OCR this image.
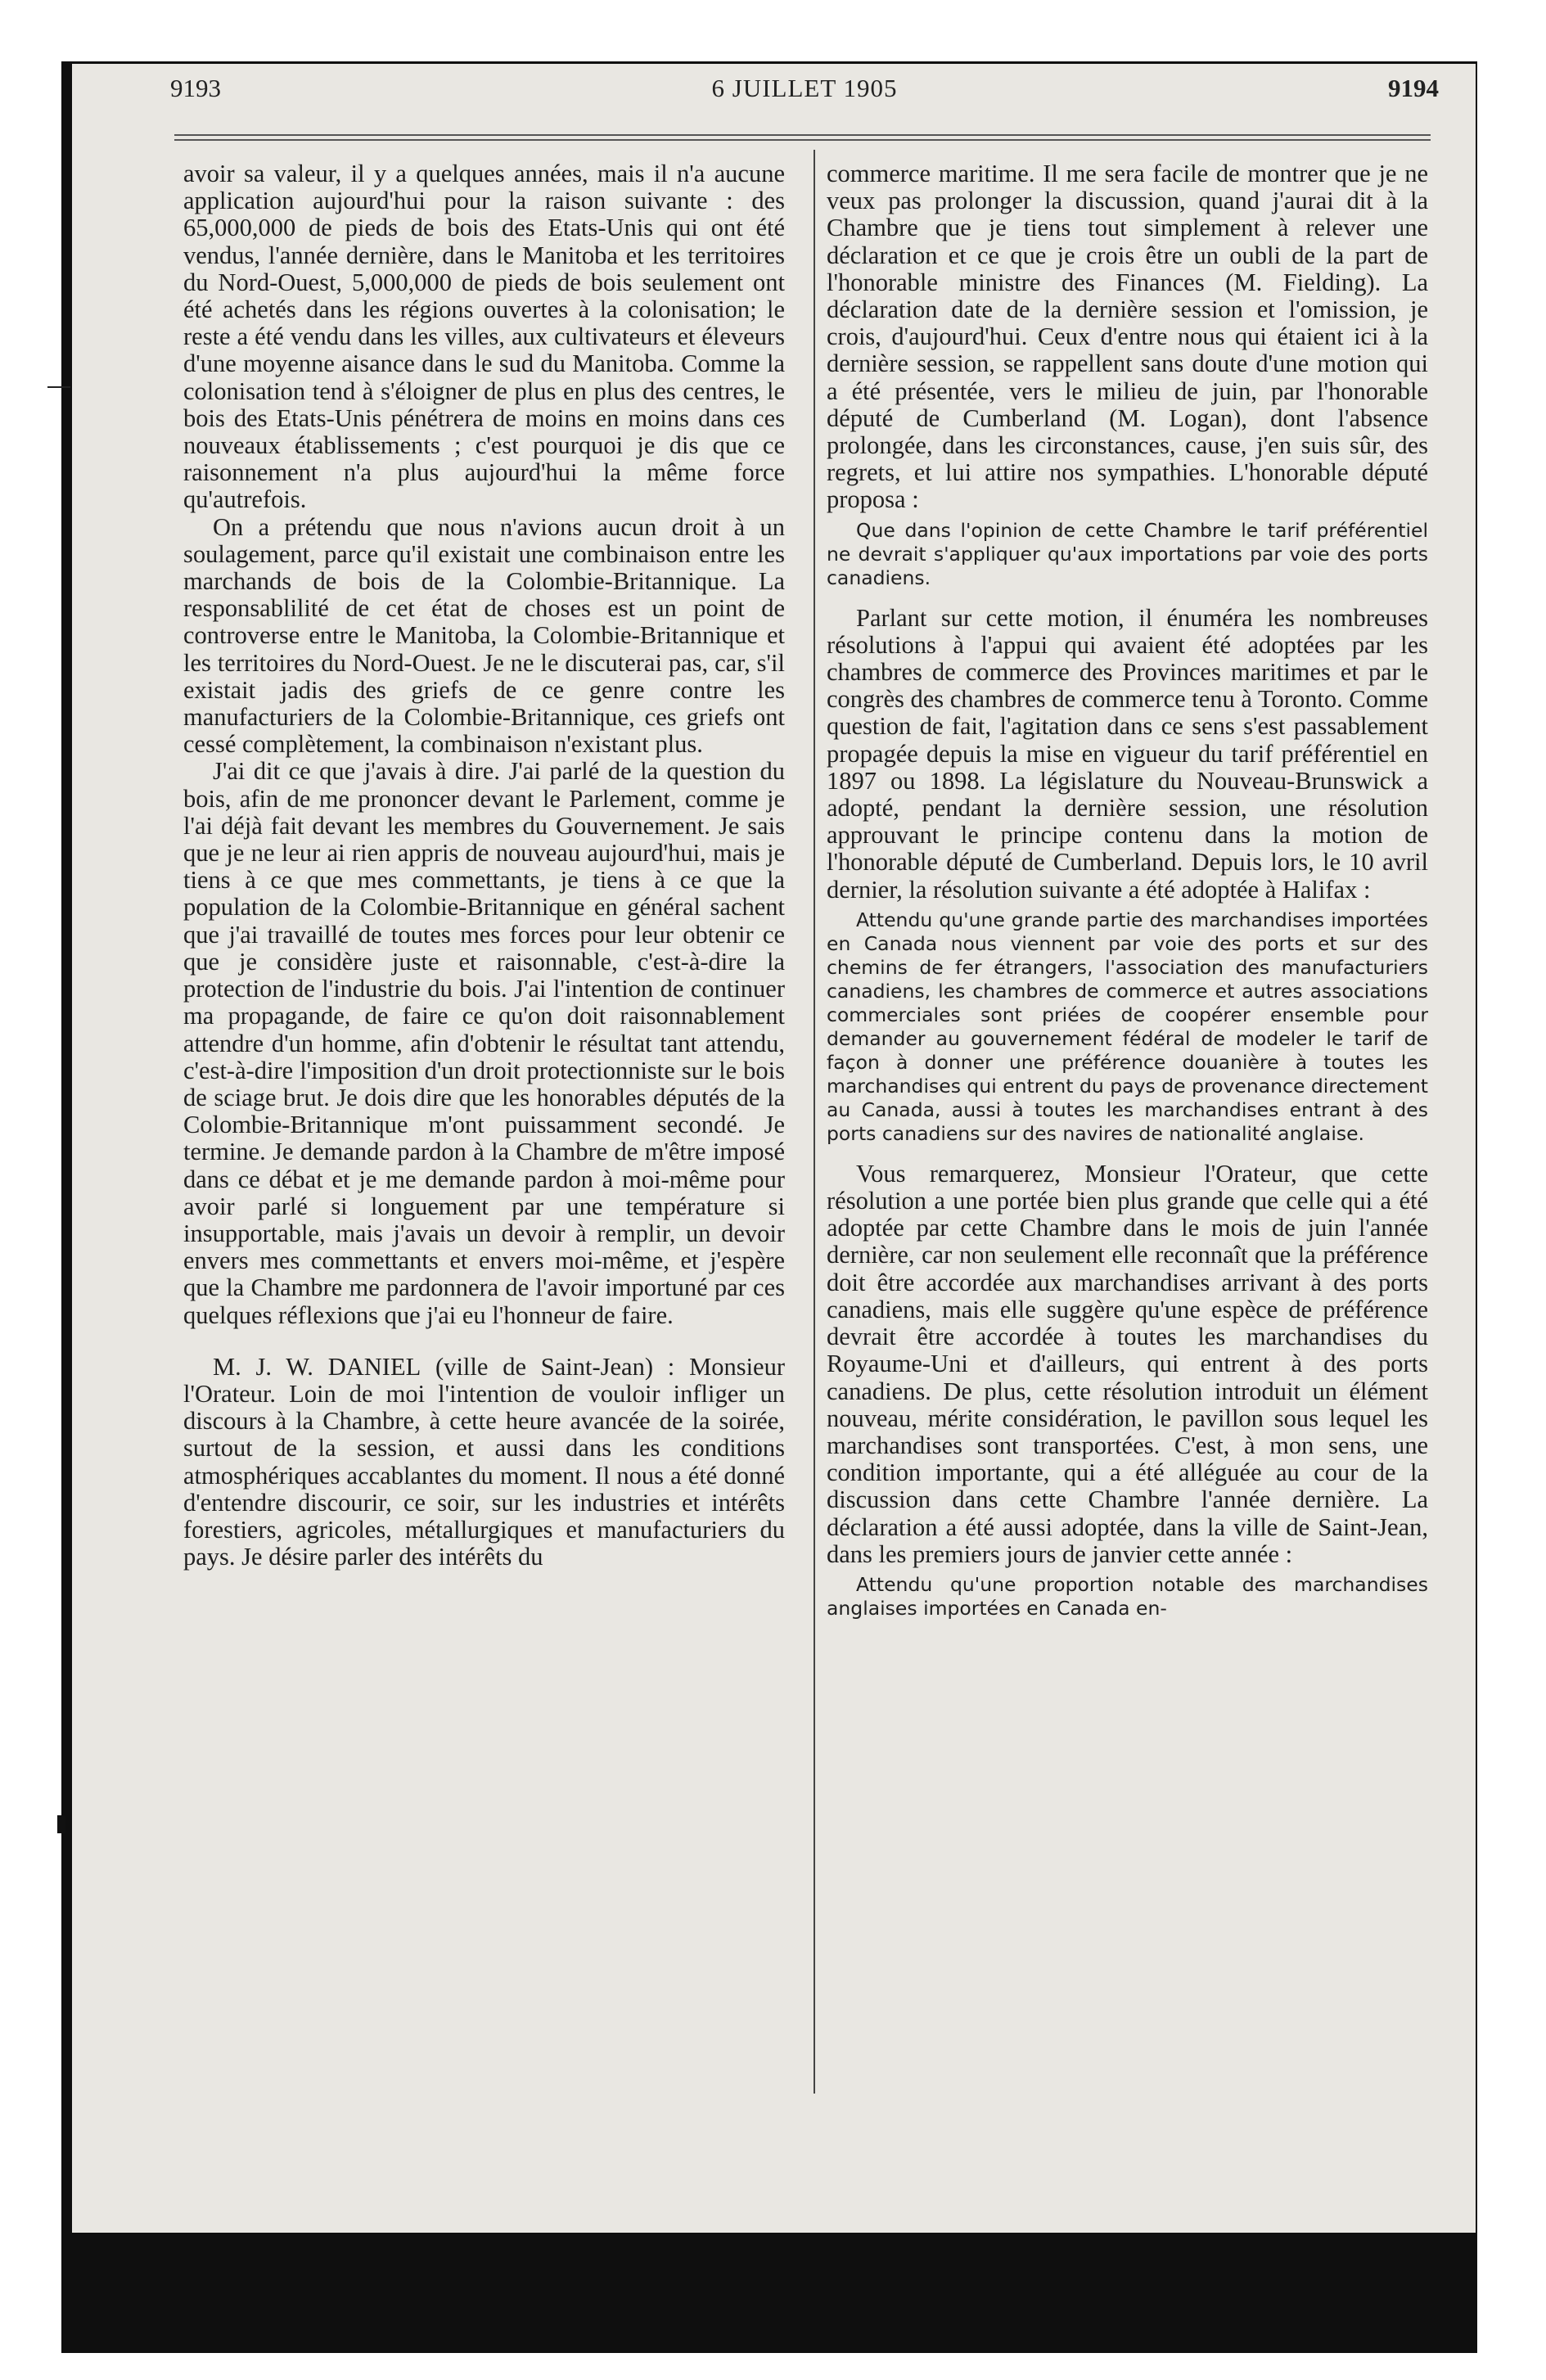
9193	6 JUILLET 1905	9194

avoir sa valeur, il y a quelques années, mais il n'a aucune application aujourd'hui pour la raison suivante : des 65,000,000 de pieds de bois des Etats-Unis qui ont été vendus, l'année dernière, dans le Manitoba et les territoires du Nord-Ouest, 5,000,000 de pieds de bois seulement ont été achetés dans les régions ouvertes à la colonisation; le reste a été vendu dans les villes, aux cultivateurs et éleveurs d'une moyenne aisance dans le sud du Manitoba. Comme la colonisation tend à s'éloigner de plus en plus des centres, le bois des Etats-Unis pénétrera de moins en moins dans ces nouveaux établissements ; c'est pourquoi je dis que ce raisonnement n'a plus aujourd'hui la même force qu'autrefois.

On a prétendu que nous n'avions aucun droit à un soulagement, parce qu'il existait une combinaison entre les marchands de bois de la Colombie-Britannique. La responsablilité de cet état de choses est un point de controverse entre le Manitoba, la Colombie-Britannique et les territoires du Nord-Ouest. Je ne le discuterai pas, car, s'il existait jadis des griefs de ce genre contre les manufacturiers de la Colombie-Britannique, ces griefs ont cessé complètement, la combinaison n'existant plus.

J'ai dit ce que j'avais à dire. J'ai parlé de la question du bois, afin de me prononcer devant le Parlement, comme je l'ai déjà fait devant les membres du Gouvernement. Je sais que je ne leur ai rien appris de nouveau aujourd'hui, mais je tiens à ce que mes commettants, je tiens à ce que la population de la Colombie-Britannique en général sachent que j'ai travaillé de toutes mes forces pour leur obtenir ce que je considère juste et raisonnable, c'est-à-dire la protection de l'industrie du bois. J'ai l'intention de continuer ma propagande, de faire ce qu'on doit raisonnablement attendre d'un homme, afin d'obtenir le résultat tant attendu, c'est-à-dire l'imposition d'un droit protectionniste sur le bois de sciage brut. Je dois dire que les honorables députés de la Colombie-Britannique m'ont puissamment secondé. Je termine. Je demande pardon à la Chambre de m'être imposé dans ce débat et je me demande pardon à moi-même pour avoir parlé si longuement par une température si insupportable, mais j'avais un devoir à remplir, un devoir envers mes commettants et envers moi-même, et j'espère que la Chambre me pardonnera de l'avoir importuné par ces quelques réflexions que j'ai eu l'honneur de faire.

M. J. W. DANIEL (ville de Saint-Jean) : Monsieur l'Orateur. Loin de moi l'intention de vouloir infliger un discours à la Chambre, à cette heure avancée de la soirée, surtout de la session, et aussi dans les conditions atmosphériques accablantes du moment. Il nous a été donné d'entendre discourir, ce soir, sur les industries et intérêts forestiers, agricoles, métallurgiques et manufacturiers du pays. Je désire parler des intérêts du

commerce maritime. Il me sera facile de montrer que je ne veux pas prolonger la discussion, quand j'aurai dit à la Chambre que je tiens tout simplement à relever une déclaration et ce que je crois être un oubli de la part de l'honorable ministre des Finances (M. Fielding). La déclaration date de la dernière session et l'omission, je crois, d'aujourd'hui. Ceux d'entre nous qui étaient ici à la dernière session, se rappellent sans doute d'une motion qui a été présentée, vers le milieu de juin, par l'honorable député de Cumberland (M. Logan), dont l'absence prolongée, dans les circonstances, cause, j'en suis sûr, des regrets, et lui attire nos sympathies. L'honorable député proposa :

Que dans l'opinion de cette Chambre le tarif préférentiel ne devrait s'appliquer qu'aux importations par voie des ports canadiens.

Parlant sur cette motion, il énuméra les nombreuses résolutions à l'appui qui avaient été adoptées par les chambres de commerce des Provinces maritimes et par le congrès des chambres de commerce tenu à Toronto. Comme question de fait, l'agitation dans ce sens s'est passablement propagée depuis la mise en vigueur du tarif préférentiel en 1897 ou 1898. La législature du Nouveau-Brunswick a adopté, pendant la dernière session, une résolution approuvant le principe contenu dans la motion de l'honorable député de Cumberland. Depuis lors, le 10 avril dernier, la résolution suivante a été adoptée à Halifax :

Attendu qu'une grande partie des marchandises importées en Canada nous viennent par voie des ports et sur des chemins de fer étrangers, l'association des manufacturiers canadiens, les chambres de commerce et autres associations commerciales sont priées de coopérer ensemble pour demander au gouvernement fédéral de modeler le tarif de façon à donner une préférence douanière à toutes les marchandises qui entrent du pays de provenance directement au Canada, aussi à toutes les marchandises entrant à des ports canadiens sur des navires de nationalité anglaise.

Vous remarquerez, Monsieur l'Orateur, que cette résolution a une portée bien plus grande que celle qui a été adoptée par cette Chambre dans le mois de juin l'année dernière, car non seulement elle reconnaît que la préférence doit être accordée aux marchandises arrivant à des ports canadiens, mais elle suggère qu'une espèce de préférence devrait être accordée à toutes les marchandises du Royaume-Uni et d'ailleurs, qui entrent à des ports canadiens. De plus, cette résolution introduit un élément nouveau, mérite considération, le pavillon sous lequel les marchandises sont transportées. C'est, à mon sens, une condition importante, qui a été alléguée au cour de la discussion dans cette Chambre l'année dernière. La déclaration a été aussi adoptée, dans la ville de Saint-Jean, dans les premiers jours de janvier cette année :

Attendu qu'une proportion notable des marchandises anglaises importées en Canada en-
